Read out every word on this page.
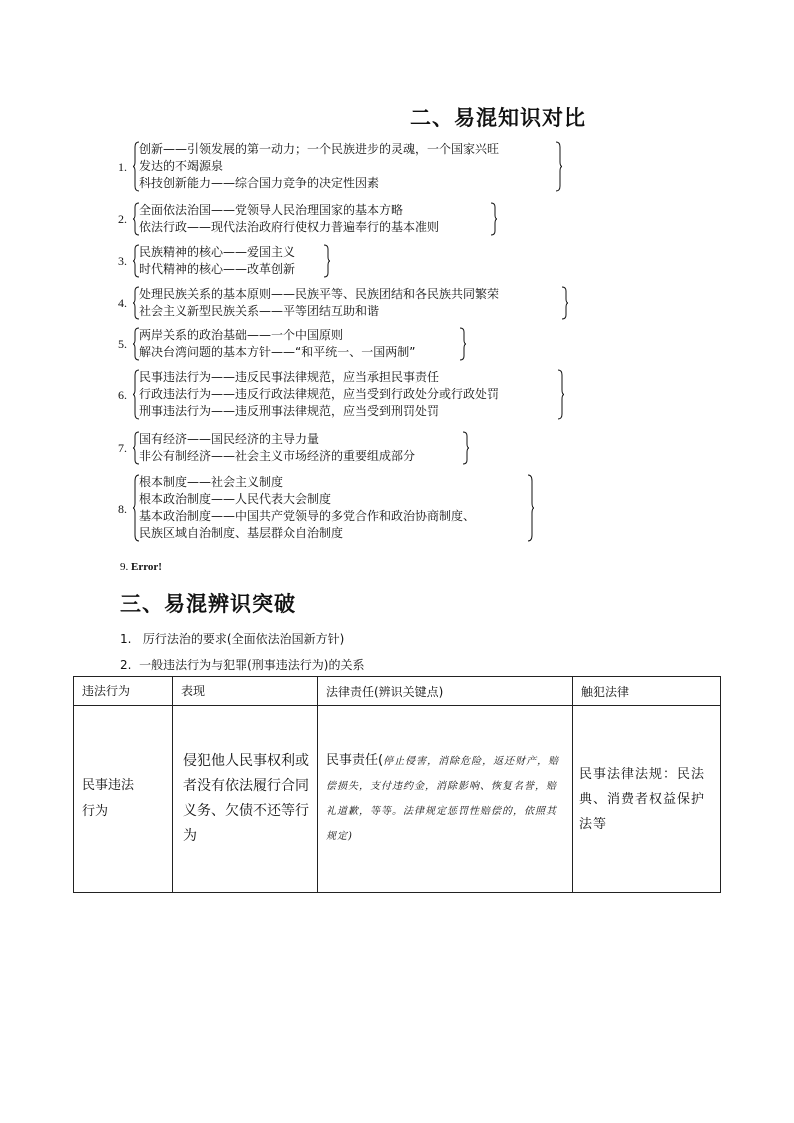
二、易混知识对比
1.
创新——引领发展的第一动力；一个民族进步的灵魂，一个国家兴旺
发达的不竭源泉
科技创新能力——综合国力竞争的决定性因素
2.
全面依法治国——党领导人民治理国家的基本方略
依法行政——现代法治政府行使权力普遍奉行的基本准则
3.
民族精神的核心——爱国主义
时代精神的核心——改革创新
4.
处理民族关系的基本原则——民族平等、民族团结和各民族共同繁荣
社会主义新型民族关系——平等团结互助和谐
5.
两岸关系的政治基础——一个中国原则
解决台湾问题的基本方针——“和平统一、一国两制”
6.
民事违法行为——违反民事法律规范，应当承担民事责任
行政违法行为——违反行政法律规范，应当受到行政处分或行政处罚
刑事违法行为——违反刑事法律规范，应当受到刑罚处罚
7.
国有经济——国民经济的主导力量
非公有制经济——社会主义市场经济的重要组成部分
8.
根本制度——社会主义制度
根本政治制度——人民代表大会制度
基本政治制度——中国共产党领导的多党合作和政治协商制度、
民族区域自治制度、基层群众自治制度
9. Error!
三、易混辨识突破
1. 厉行法治的要求(全面依法治国新方针)
2. 一般违法行为与犯罪(刑事违法行为)的关系
违法行为	表现	法律责任(辨识关键点)	触犯法律

民事违法行为	侵犯他人民事权利或者没有依法履行合同义务、欠债不还等行为	民事责任(停止侵害，消除危险，返还财产，赔偿损失，支付违约金，消除影响、恢复名誉，赔礼道歉，等等。法律规定惩罚性赔偿的，依照其规定)	民事法律法规：民法典、消费者权益保护法等
